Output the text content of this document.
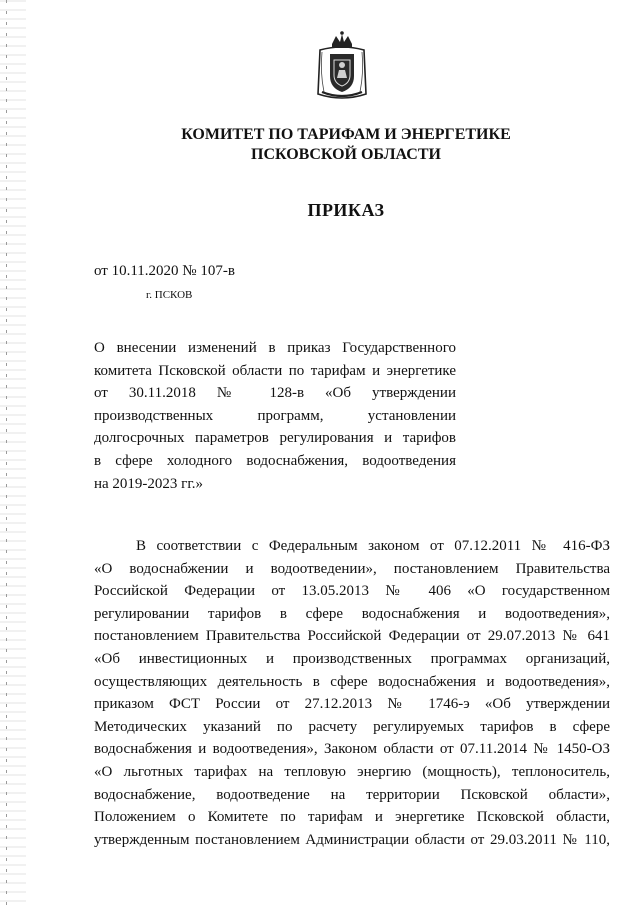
КОМИТЕТ ПО ТАРИФАМ И ЭНЕРГЕТИКЕ
ПСКОВСКОЙ ОБЛАСТИ
ПРИКАЗ
от 10.11.2020 № 107-в
г. ПСКОВ
О внесении изменений в приказ Государственного
комитета Псковской области по тарифам и энергетике
от 30.11.2018 № 128-в «Об утверждении
производственных программ, установлении
долгосрочных параметров регулирования и тарифов
в сфере холодного водоснабжения, водоотведения
на 2019-2023 гг.»
В соответствии с Федеральным законом от 07.12.2011 № 416-ФЗ
«О водоснабжении и водоотведении», постановлением Правительства
Российской Федерации от 13.05.2013 № 406 «О государственном
регулировании тарифов в сфере водоснабжения и водоотведения»,
постановлением Правительства Российской Федерации от 29.07.2013 № 641
«Об инвестиционных и производственных программах организаций,
осуществляющих деятельность в сфере водоснабжения и водоотведения»,
приказом ФСТ России от 27.12.2013 № 1746-э «Об утверждении
Методических указаний по расчету регулируемых тарифов в сфере
водоснабжения и водоотведения», Законом области от 07.11.2014 № 1450-ОЗ
«О льготных тарифах на тепловую энергию (мощность), теплоноситель,
водоснабжение, водоотведение на территории Псковской области»,
Положением о Комитете по тарифам и энергетике Псковской области,
утвержденным постановлением Администрации области от 29.03.2011 № 110,
